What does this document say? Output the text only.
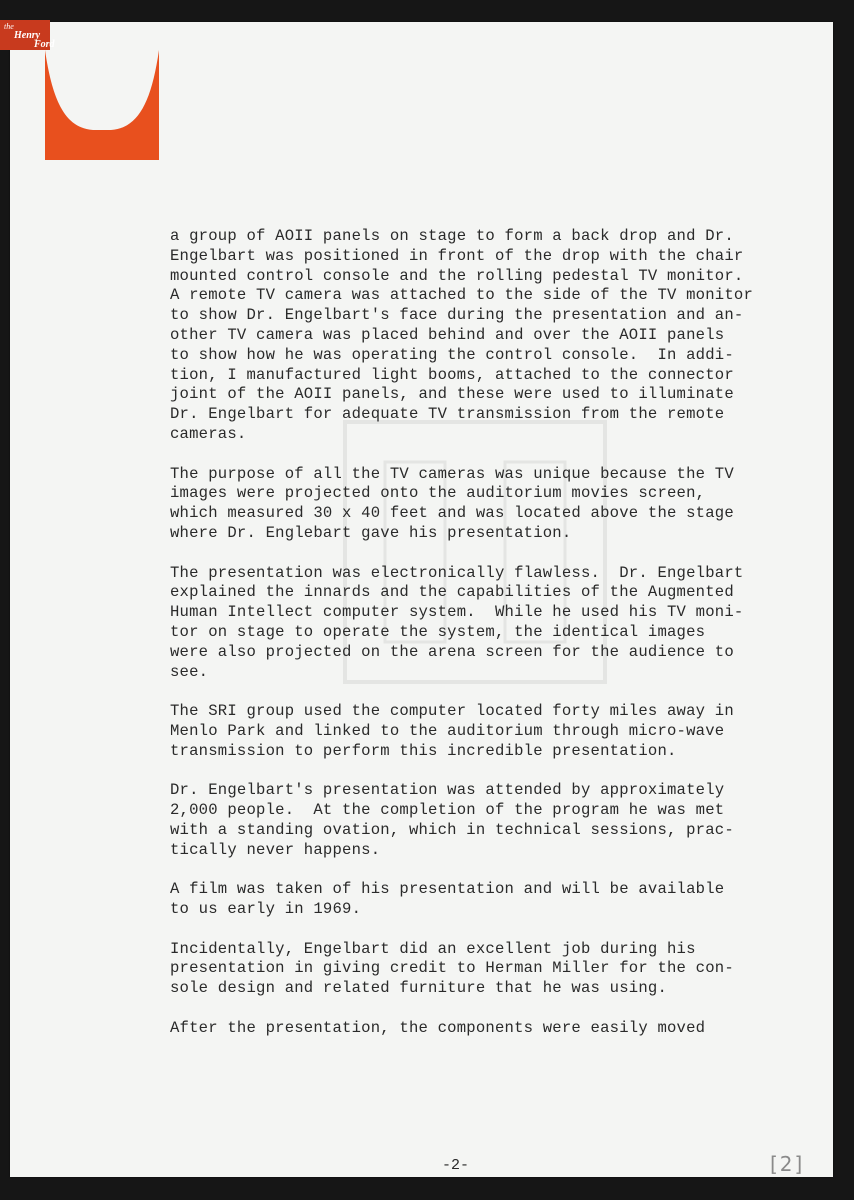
a group of AOII panels on stage to form a back drop and Dr.
Engelbart was positioned in front of the drop with the chair
mounted control console and the rolling pedestal TV monitor.
A remote TV camera was attached to the side of the TV monitor
to show Dr. Engelbart's face during the presentation and an-
other TV camera was placed behind and over the AOII panels
to show how he was operating the control console.  In addi-
tion, I manufactured light booms, attached to the connector
joint of the AOII panels, and these were used to illuminate
Dr. Engelbart for adequate TV transmission from the remote
cameras.
The purpose of all the TV cameras was unique because the TV
images were projected onto the auditorium movies screen,
which measured 30 x 40 feet and was located above the stage
where Dr. Englebart gave his presentation.
The presentation was electronically flawless.  Dr. Engelbart
explained the innards and the capabilities of the Augmented
Human Intellect computer system.  While he used his TV moni-
tor on stage to operate the system, the identical images
were also projected on the arena screen for the audience to
see.
The SRI group used the computer located forty miles away in
Menlo Park and linked to the auditorium through micro-wave
transmission to perform this incredible presentation.
Dr. Engelbart's presentation was attended by approximately
2,000 people.  At the completion of the program he was met
with a standing ovation, which in technical sessions, prac-
tically never happens.
A film was taken of his presentation and will be available
to us early in 1969.
Incidentally, Engelbart did an excellent job during his
presentation in giving credit to Herman Miller for the con-
sole design and related furniture that he was using.
After the presentation, the components were easily moved
-2-	[2]
the
Henry
Ford
